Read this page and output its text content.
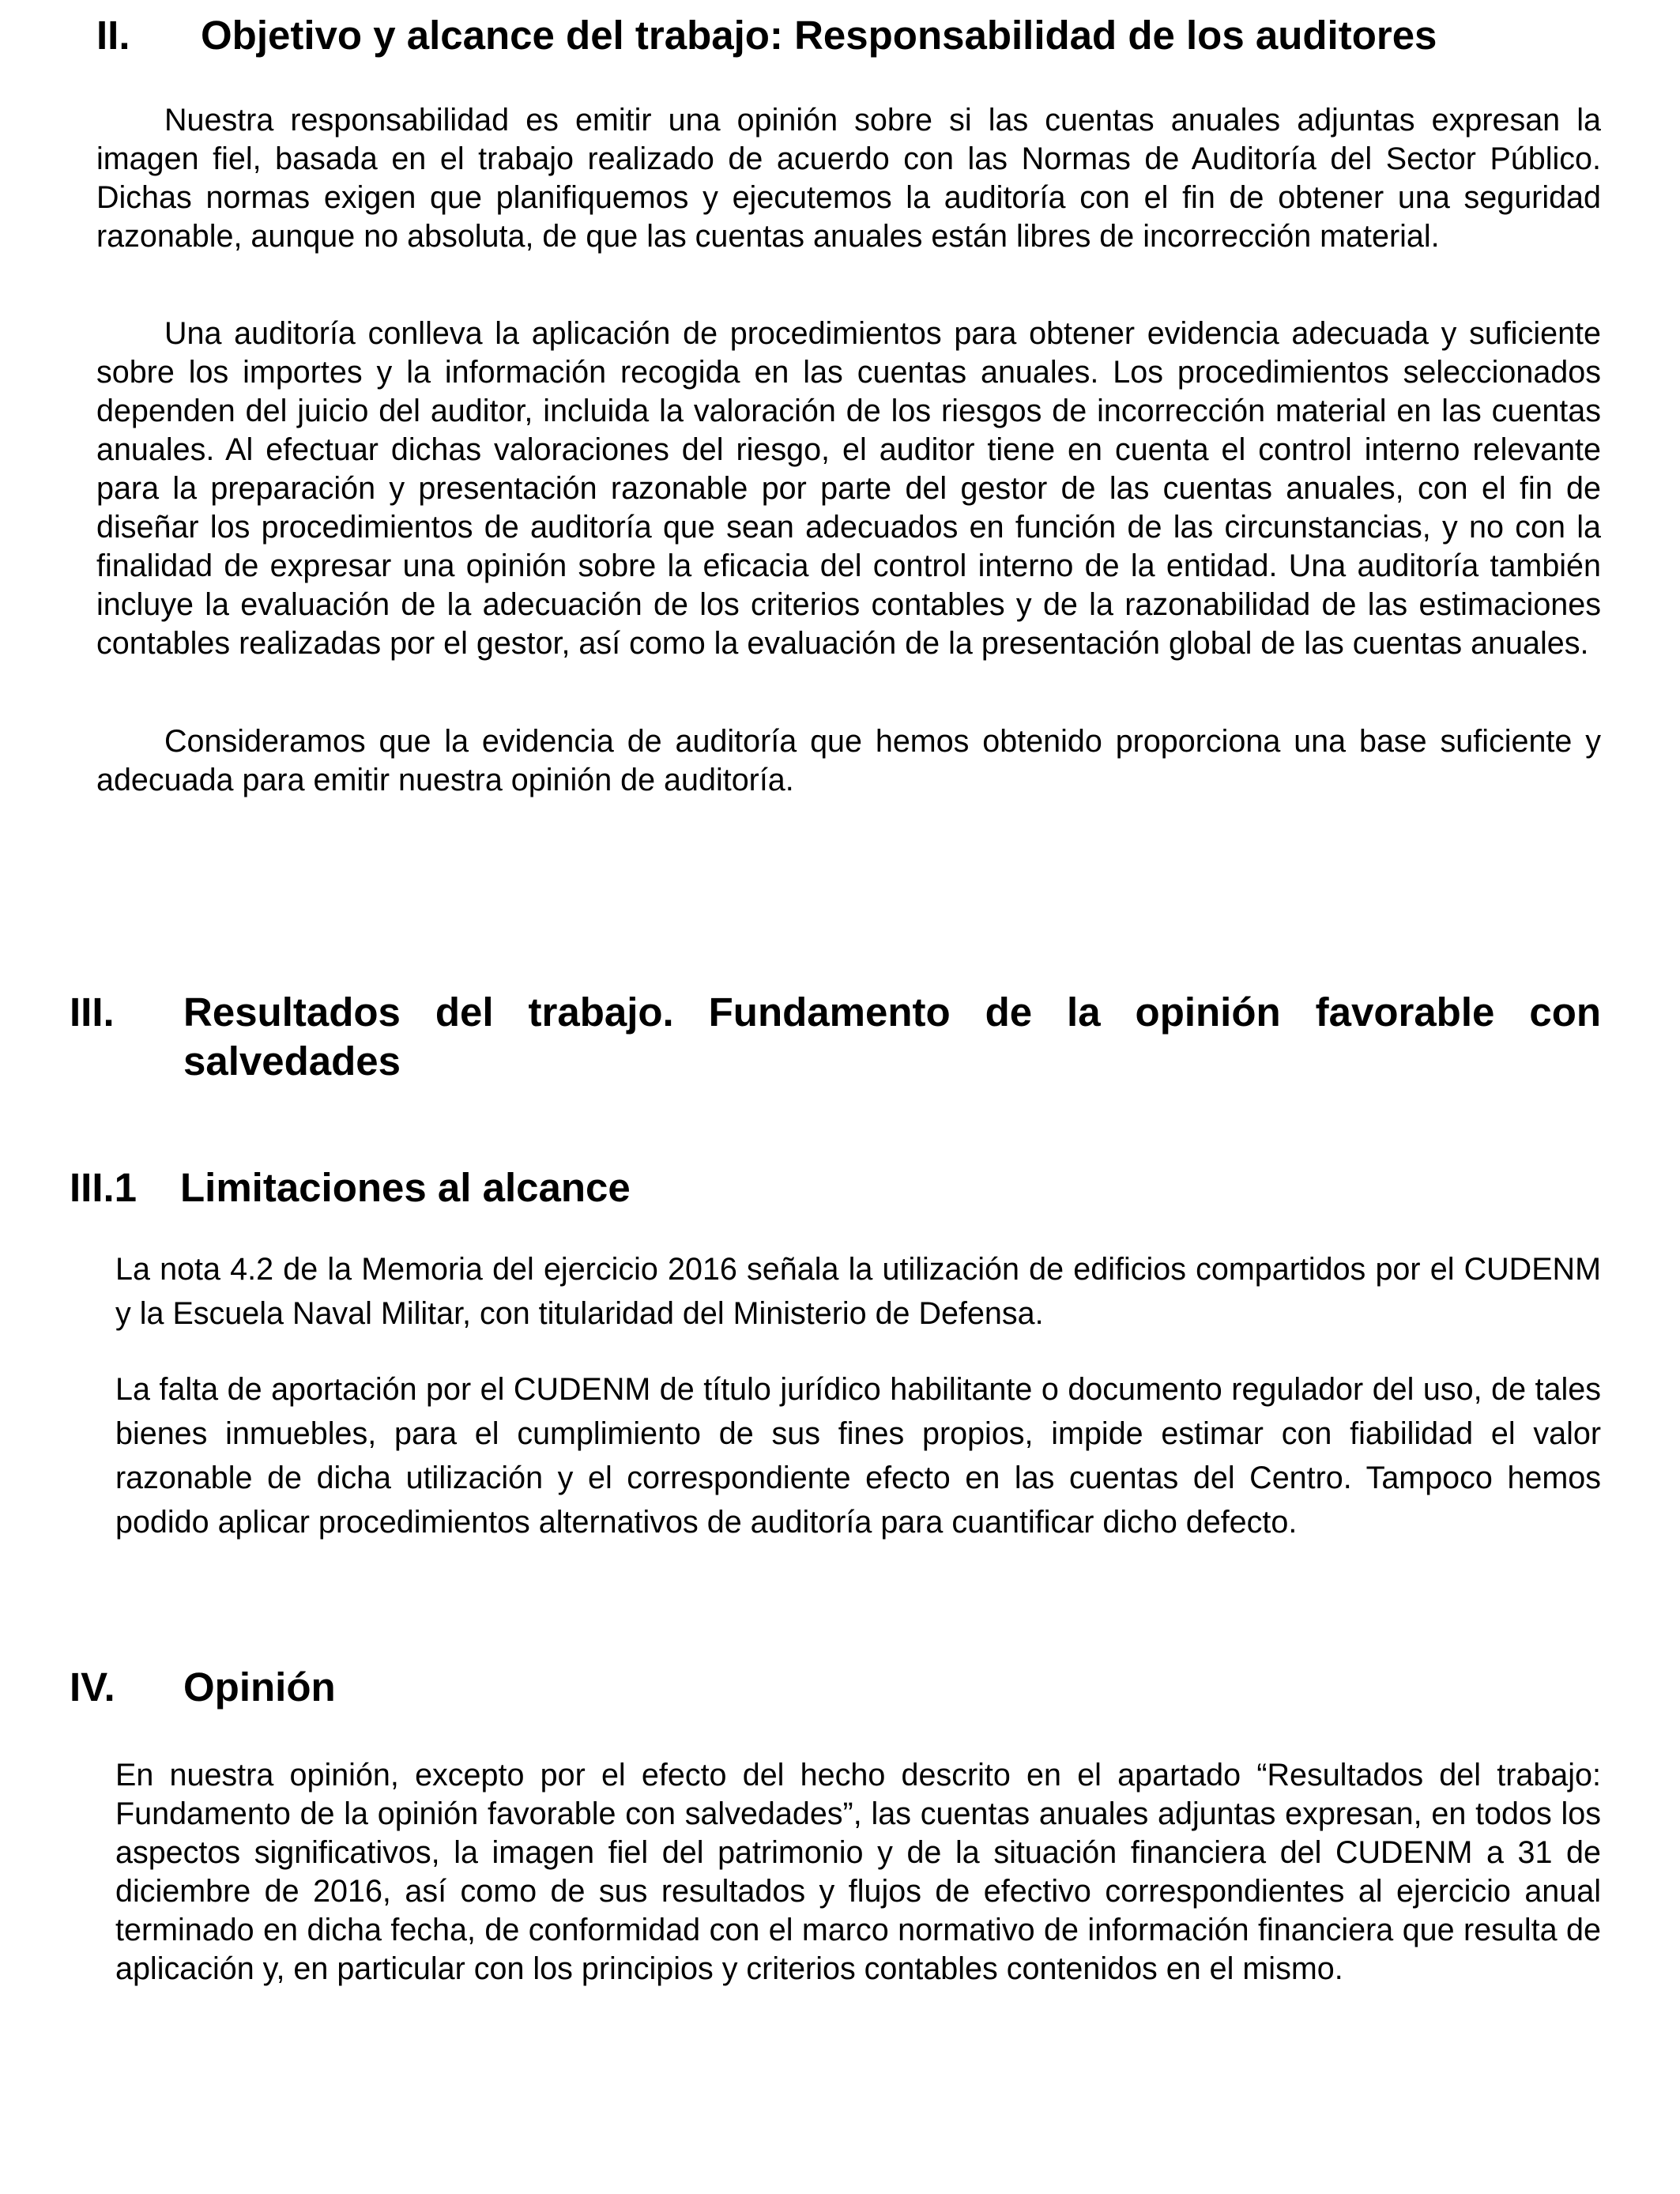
II.	Objetivo y alcance del trabajo: Responsabilidad de los auditores

Nuestra responsabilidad es emitir una opinión sobre si las cuentas anuales adjuntas expresan la imagen fiel, basada en el trabajo realizado de acuerdo con las Normas de Auditoría del Sector Público. Dichas normas exigen que planifiquemos y ejecutemos la auditoría con el fin de obtener una seguridad razonable, aunque no absoluta, de que las cuentas anuales están libres de incorrección material.

Una auditoría conlleva la aplicación de procedimientos para obtener evidencia adecuada y suficiente sobre los importes y la información recogida en las cuentas anuales. Los procedimientos seleccionados dependen del juicio del auditor, incluida la valoración de los riesgos de incorrección material en las cuentas anuales. Al efectuar dichas valoraciones del riesgo, el auditor tiene en cuenta el control interno relevante para la preparación y presentación razonable por parte del gestor de las cuentas anuales, con el fin de diseñar los procedimientos de auditoría que sean adecuados en función de las circunstancias, y no con la finalidad de expresar una opinión sobre la eficacia del control interno de la entidad. Una auditoría también incluye la evaluación de la adecuación de los criterios contables y de la razonabilidad de las estimaciones contables realizadas por el gestor, así como la evaluación de la presentación global de las cuentas anuales.

Consideramos que la evidencia de auditoría que hemos obtenido proporciona una base suficiente y adecuada para emitir nuestra opinión de auditoría.

III.	Resultados del trabajo. Fundamento de la opinión favorable con salvedades
III.1	Limitaciones al alcance

La nota 4.2 de la Memoria del ejercicio 2016 señala la utilización de edificios compartidos por el CUDENM y la Escuela Naval Militar, con titularidad del Ministerio de Defensa.

La falta de aportación por el CUDENM de título jurídico habilitante o documento regulador del uso, de tales bienes inmuebles, para el cumplimiento de sus fines propios, impide estimar con fiabilidad el valor razonable de dicha utilización y el correspondiente efecto en las cuentas del Centro. Tampoco hemos podido aplicar procedimientos alternativos de auditoría para cuantificar dicho defecto.

IV.	Opinión

En nuestra opinión, excepto por el efecto del hecho descrito en el apartado “Resultados del trabajo: Fundamento de la opinión favorable con salvedades”, las cuentas anuales adjuntas expresan, en todos los aspectos significativos, la imagen fiel del patrimonio y de la situación financiera del CUDENM a 31 de diciembre de 2016, así como de sus resultados y flujos de efectivo correspondientes al ejercicio anual terminado en dicha fecha, de conformidad con el marco normativo de información financiera que resulta de aplicación y, en particular con los principios y criterios contables contenidos en el mismo.
